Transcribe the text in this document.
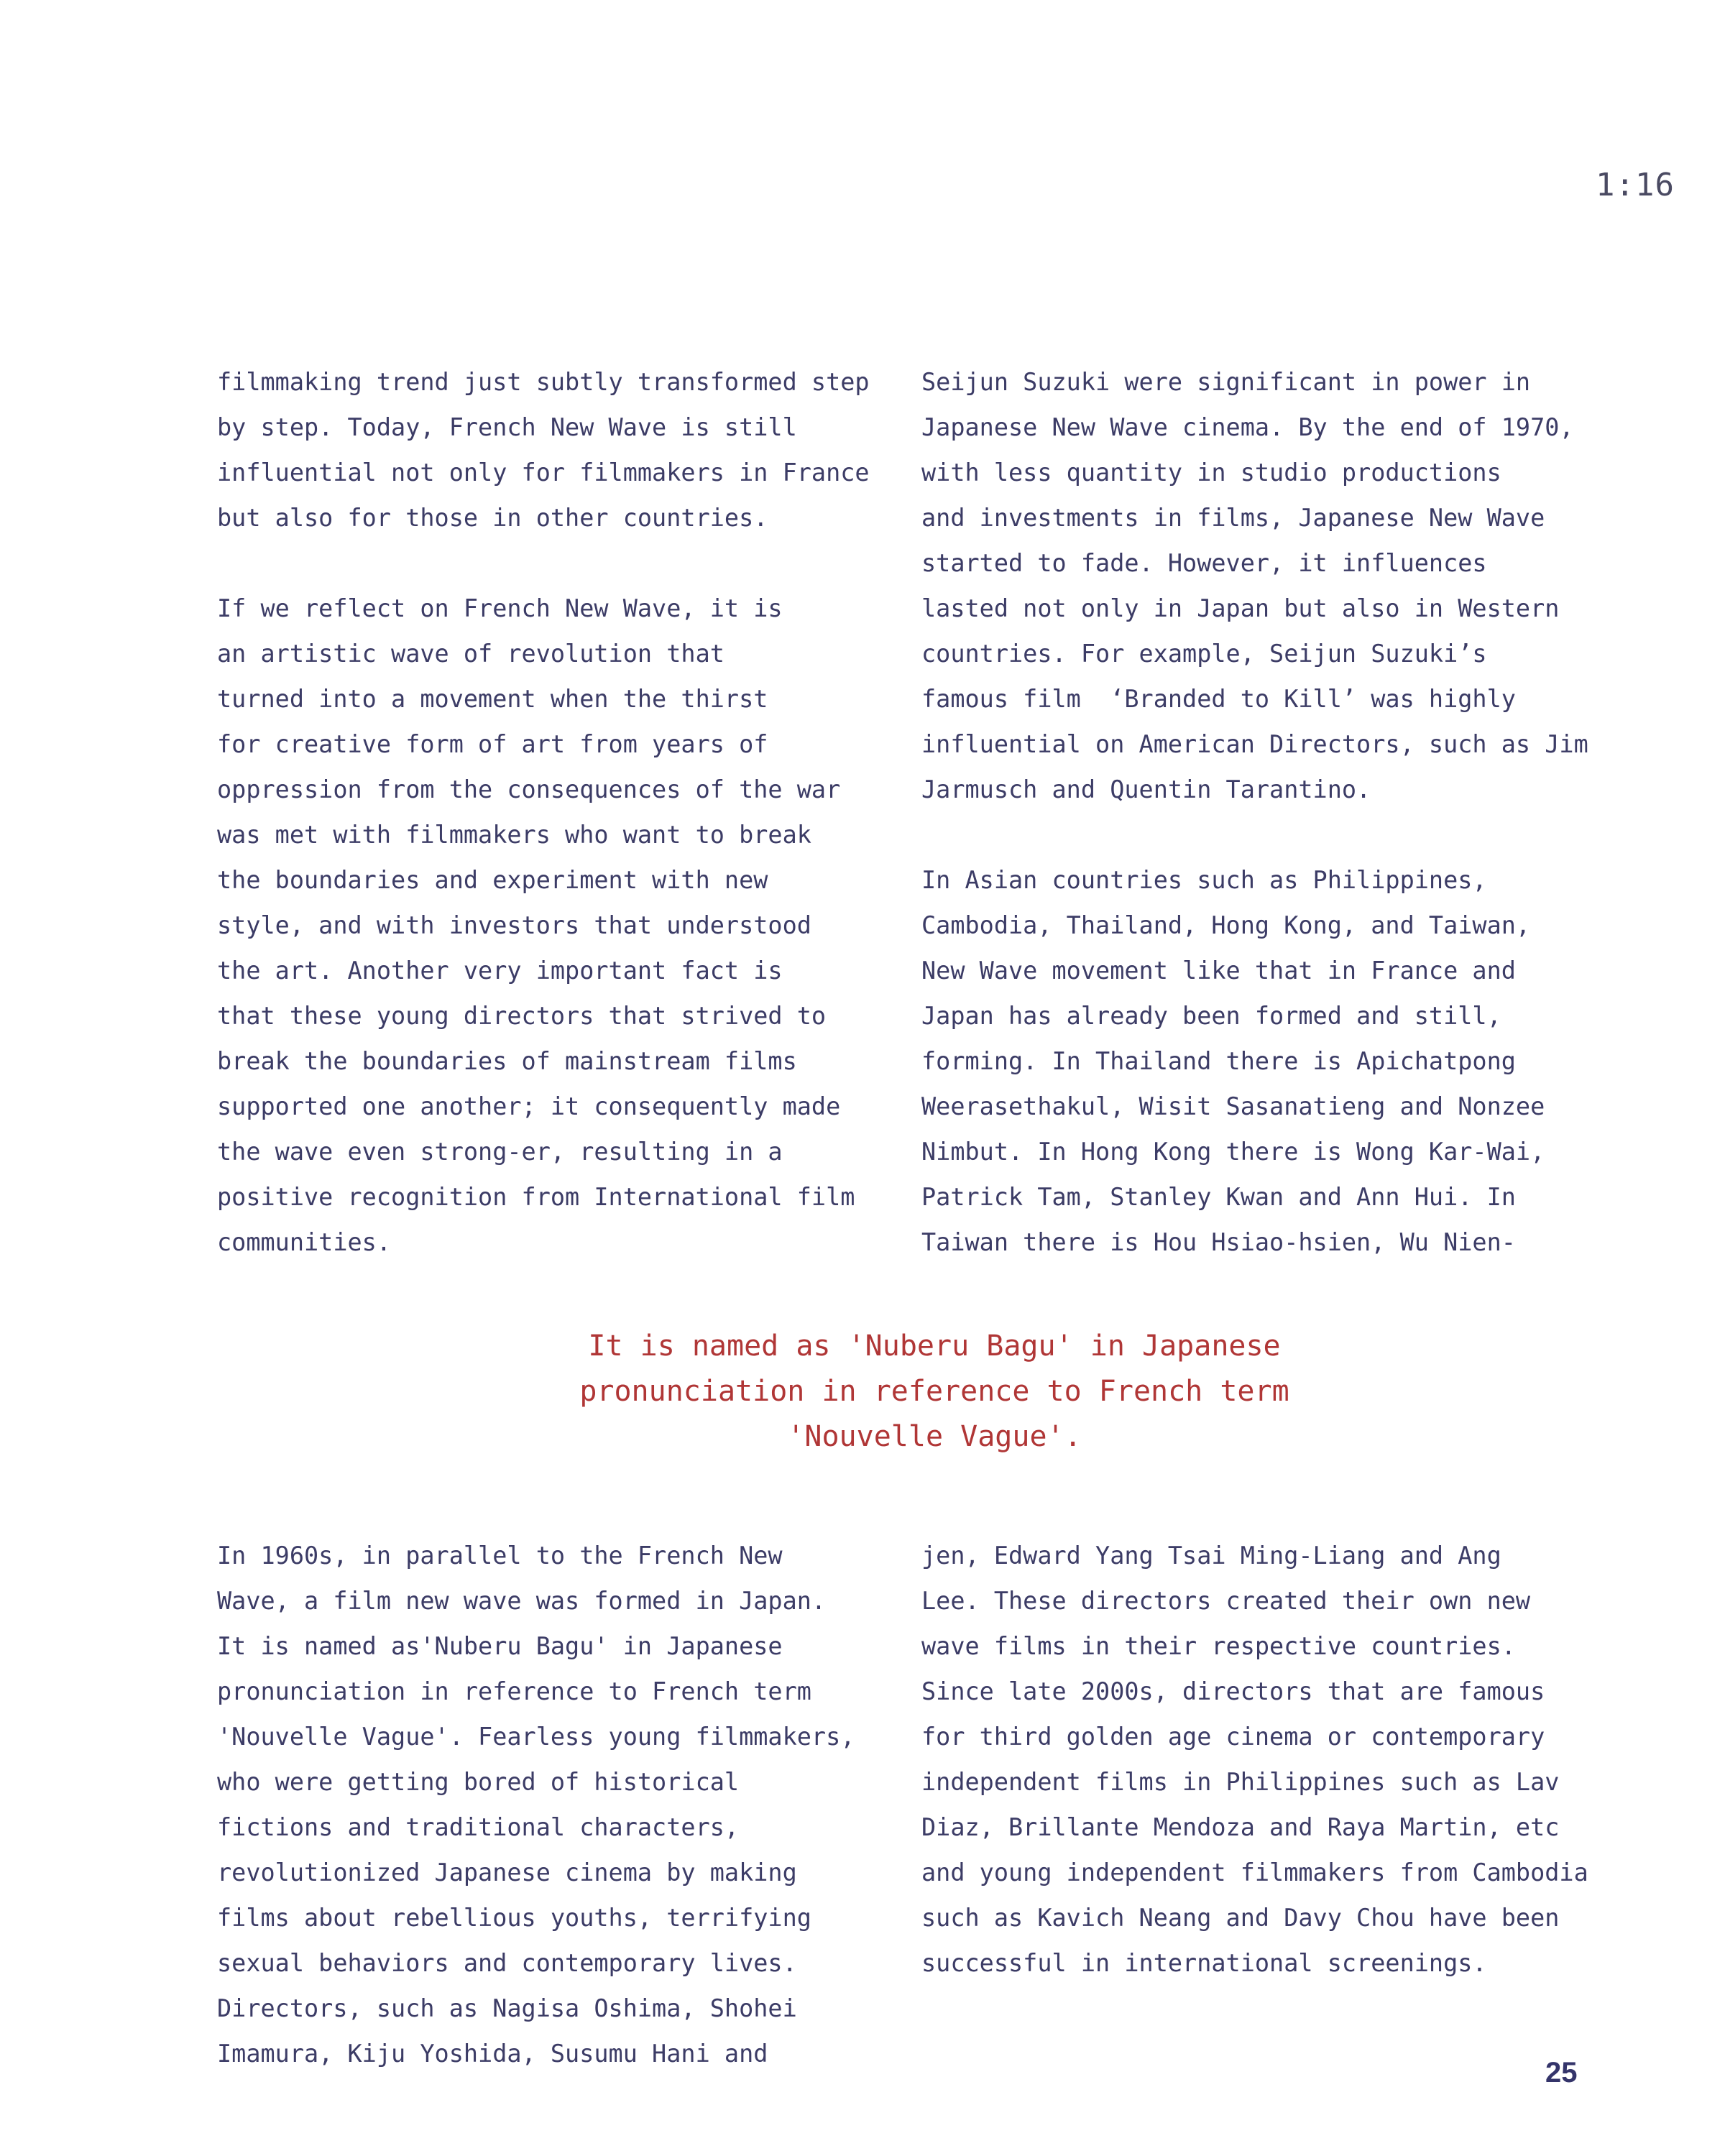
1:16

filmmaking trend just subtly transformed step
by step. Today, French New Wave is still
influential not only for filmmakers in France
but also for those in other countries.

If we reflect on French New Wave, it is
an artistic wave of revolution that
turned into a movement when the thirst
for creative form of art from years of
oppression from the consequences of the war
was met with filmmakers who want to break
the boundaries and experiment with new
style, and with investors that understood
the art. Another very important fact is
that these young directors that strived to
break the boundaries of mainstream films
supported one another; it consequently made
the wave even strong-er, resulting in a
positive recognition from International film
communities.

Seijun Suzuki were significant in power in
Japanese New Wave cinema. By the end of 1970,
with less quantity in studio productions
and investments in films, Japanese New Wave
started to fade. However, it influences
lasted not only in Japan but also in Western
countries. For example, Seijun Suzuki’s
famous film  ‘Branded to Kill’ was highly
influential on American Directors, such as Jim
Jarmusch and Quentin Tarantino.

In Asian countries such as Philippines,
Cambodia, Thailand, Hong Kong, and Taiwan,
New Wave movement like that in France and
Japan has already been formed and still,
forming. In Thailand there is Apichatpong
Weerasethakul, Wisit Sasanatieng and Nonzee
Nimbut. In Hong Kong there is Wong Kar-Wai,
Patrick Tam, Stanley Kwan and Ann Hui. In
Taiwan there is Hou Hsiao-hsien, Wu Nien-

It is named as 'Nuberu Bagu' in Japanese
pronunciation in reference to French term
'Nouvelle Vague'.

In 1960s, in parallel to the French New
Wave, a film new wave was formed in Japan.
It is named as'Nuberu Bagu' in Japanese
pronunciation in reference to French term
'Nouvelle Vague'. Fearless young filmmakers,
who were getting bored of historical
fictions and traditional characters,
revolutionized Japanese cinema by making
films about rebellious youths, terrifying
sexual behaviors and contemporary lives.
Directors, such as Nagisa Oshima, Shohei
Imamura, Kiju Yoshida, Susumu Hani and

jen, Edward Yang Tsai Ming-Liang and Ang
Lee. These directors created their own new
wave films in their respective countries.
Since late 2000s, directors that are famous
for third golden age cinema or contemporary
independent films in Philippines such as Lav
Diaz, Brillante Mendoza and Raya Martin, etc
and young independent filmmakers from Cambodia
such as Kavich Neang and Davy Chou have been
successful in international screenings.

25
